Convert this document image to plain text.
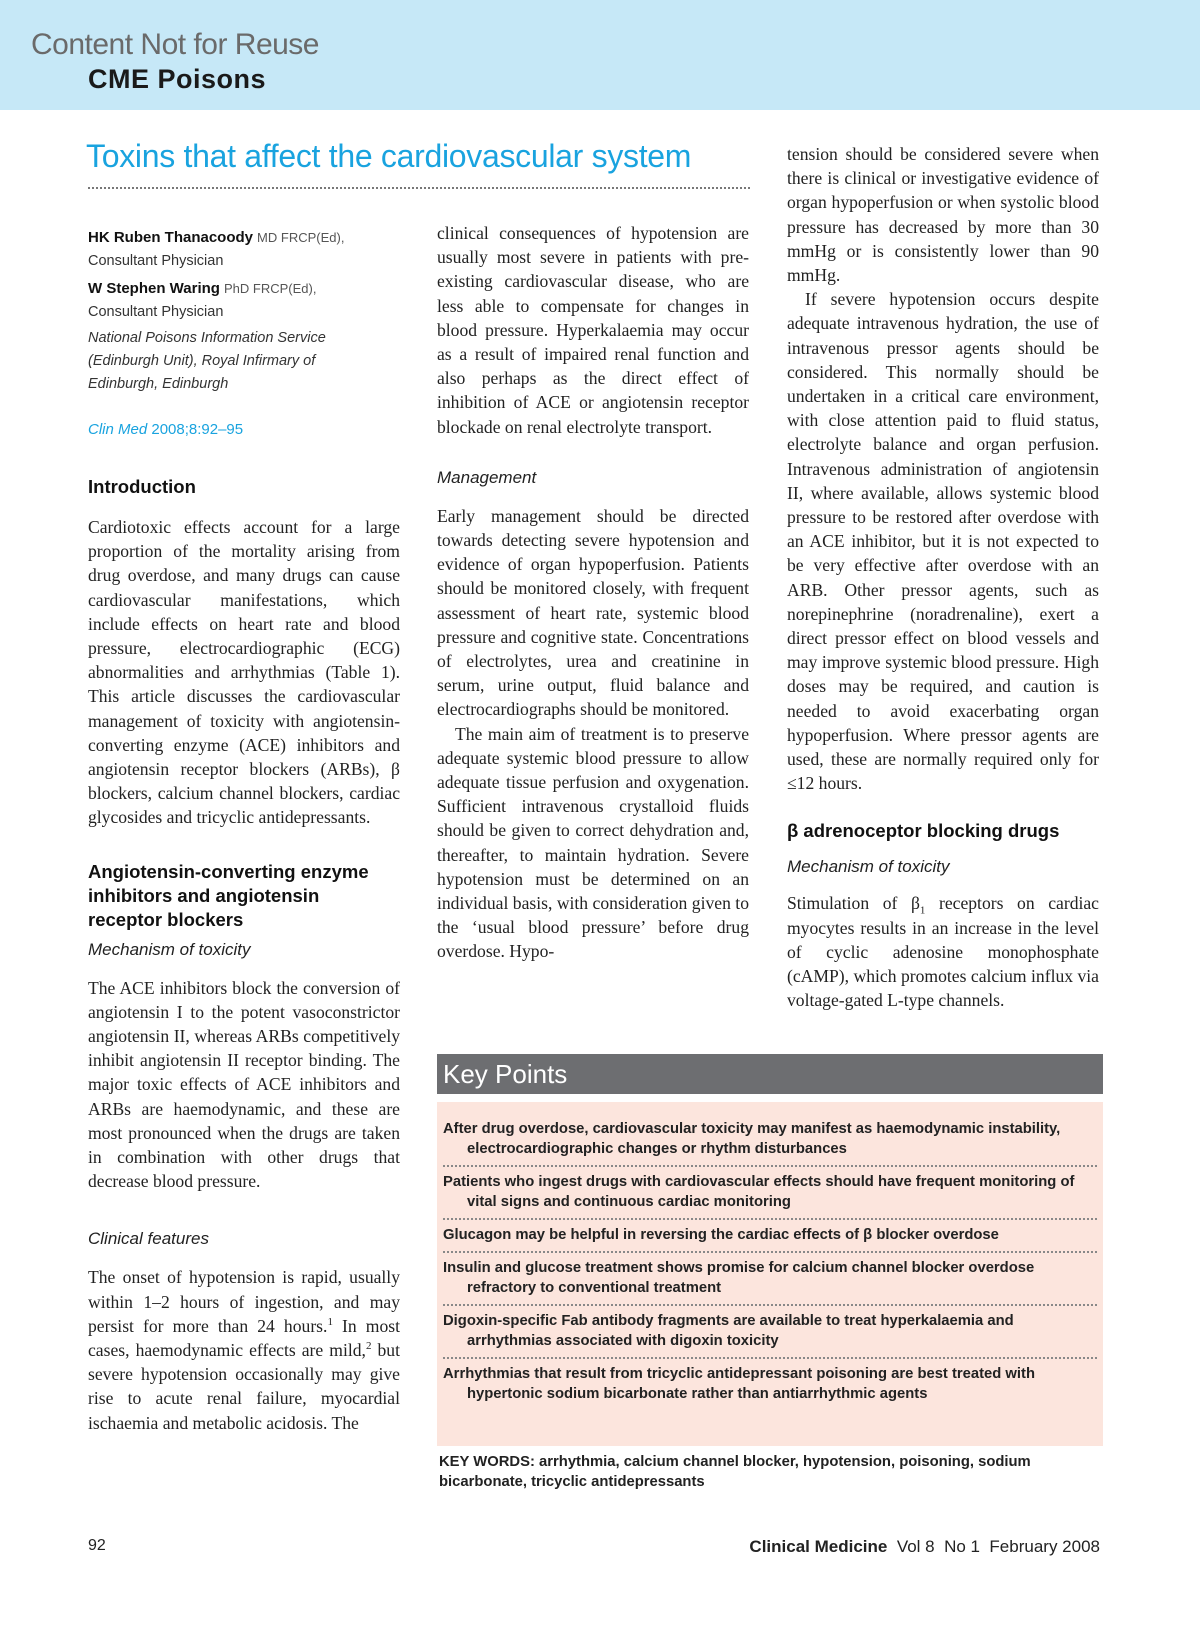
Content Not for Reuse
CME Poisons
Toxins that affect the cardiovascular system
HK Ruben Thanacoody MD FRCP(Ed),
Consultant Physician
W Stephen Waring PhD FRCP(Ed),
Consultant Physician
National Poisons Information Service (Edinburgh Unit), Royal Infirmary of Edinburgh, Edinburgh
Clin Med 2008;8:92–95
Introduction

Cardiotoxic effects account for a large proportion of the mortality arising from drug overdose, and many drugs can cause cardiovascular manifestations, which include effects on heart rate and blood pressure, electrocardiographic (ECG) abnormalities and arrhythmias (Table 1). This article discusses the cardiovascular management of toxicity with angiotensin-converting enzyme (ACE) inhibitors and angiotensin receptor blockers (ARBs), β blockers, calcium channel blockers, cardiac glycosides and tricyclic antidepressants.

Angiotensin-converting enzyme inhibitors and angiotensin receptor blockers
Mechanism of toxicity

The ACE inhibitors block the conversion of angiotensin I to the potent vasoconstrictor angiotensin II, whereas ARBs competitively inhibit angiotensin II receptor binding. The major toxic effects of ACE inhibitors and ARBs are haemodynamic, and these are most pronounced when the drugs are taken in combination with other drugs that decrease blood pressure.

Clinical features

The onset of hypotension is rapid, usually within 1–2 hours of ingestion, and may persist for more than 24 hours.$^1$ In most cases, haemodynamic effects are mild,$^2$ but severe hypotension occasionally may give rise to acute renal failure, myocardial ischaemia and metabolic acidosis. The

clinical consequences of hypotension are usually most severe in patients with pre-existing cardiovascular disease, who are less able to compensate for changes in blood pressure. Hyperkalaemia may occur as a result of impaired renal function and also perhaps as the direct effect of inhibition of ACE or angiotensin receptor blockade on renal electrolyte transport.

Management

Early management should be directed towards detecting severe hypotension and evidence of organ hypoperfusion. Patients should be monitored closely, with frequent assessment of heart rate, systemic blood pressure and cognitive state. Concentrations of electrolytes, urea and creatinine in serum, urine output, fluid balance and electrocardiographs should be monitored.

The main aim of treatment is to preserve adequate systemic blood pressure to allow adequate tissue perfusion and oxygenation. Sufficient intravenous crystalloid fluids should be given to correct dehydration and, thereafter, to maintain hydration. Severe hypotension must be determined on an individual basis, with consideration given to the ‘usual blood pressure’ before drug overdose. Hypo-

tension should be considered severe when there is clinical or investigative evidence of organ hypoperfusion or when systolic blood pressure has decreased by more than 30 mmHg or is consistently lower than 90 mmHg.

If severe hypotension occurs despite adequate intravenous hydration, the use of intravenous pressor agents should be considered. This normally should be undertaken in a critical care environment, with close attention paid to fluid status, electrolyte balance and organ perfusion. Intravenous administration of angiotensin II, where available, allows systemic blood pressure to be restored after overdose with an ACE inhibitor, but it is not expected to be very effective after overdose with an ARB. Other pressor agents, such as norepinephrine (noradrenaline), exert a direct pressor effect on blood vessels and may improve systemic blood pressure. High doses may be required, and caution is needed to avoid exacerbating organ hypoperfusion. Where pressor agents are used, these are normally required only for ≤12 hours.

β adrenoceptor blocking drugs
Mechanism of toxicity

Stimulation of $\beta_1$ receptors on cardiac myocytes results in an increase in the level of cyclic adenosine monophosphate (cAMP), which promotes calcium influx via voltage-gated L-type channels.

Key Points
After drug overdose, cardiovascular toxicity may manifest as haemodynamic instability, electrocardiographic changes or rhythm disturbances
Patients who ingest drugs with cardiovascular effects should have frequent monitoring of vital signs and continuous cardiac monitoring
Glucagon may be helpful in reversing the cardiac effects of β blocker overdose
Insulin and glucose treatment shows promise for calcium channel blocker overdose refractory to conventional treatment
Digoxin-specific Fab antibody fragments are available to treat hyperkalaemia and arrhythmias associated with digoxin toxicity
Arrhythmias that result from tricyclic antidepressant poisoning are best treated with hypertonic sodium bicarbonate rather than antiarrhythmic agents
KEY WORDS: arrhythmia, calcium channel blocker, hypotension, poisoning, sodium bicarbonate, tricyclic antidepressants
92	Clinical Medicine Vol 8  No 1  February 2008
